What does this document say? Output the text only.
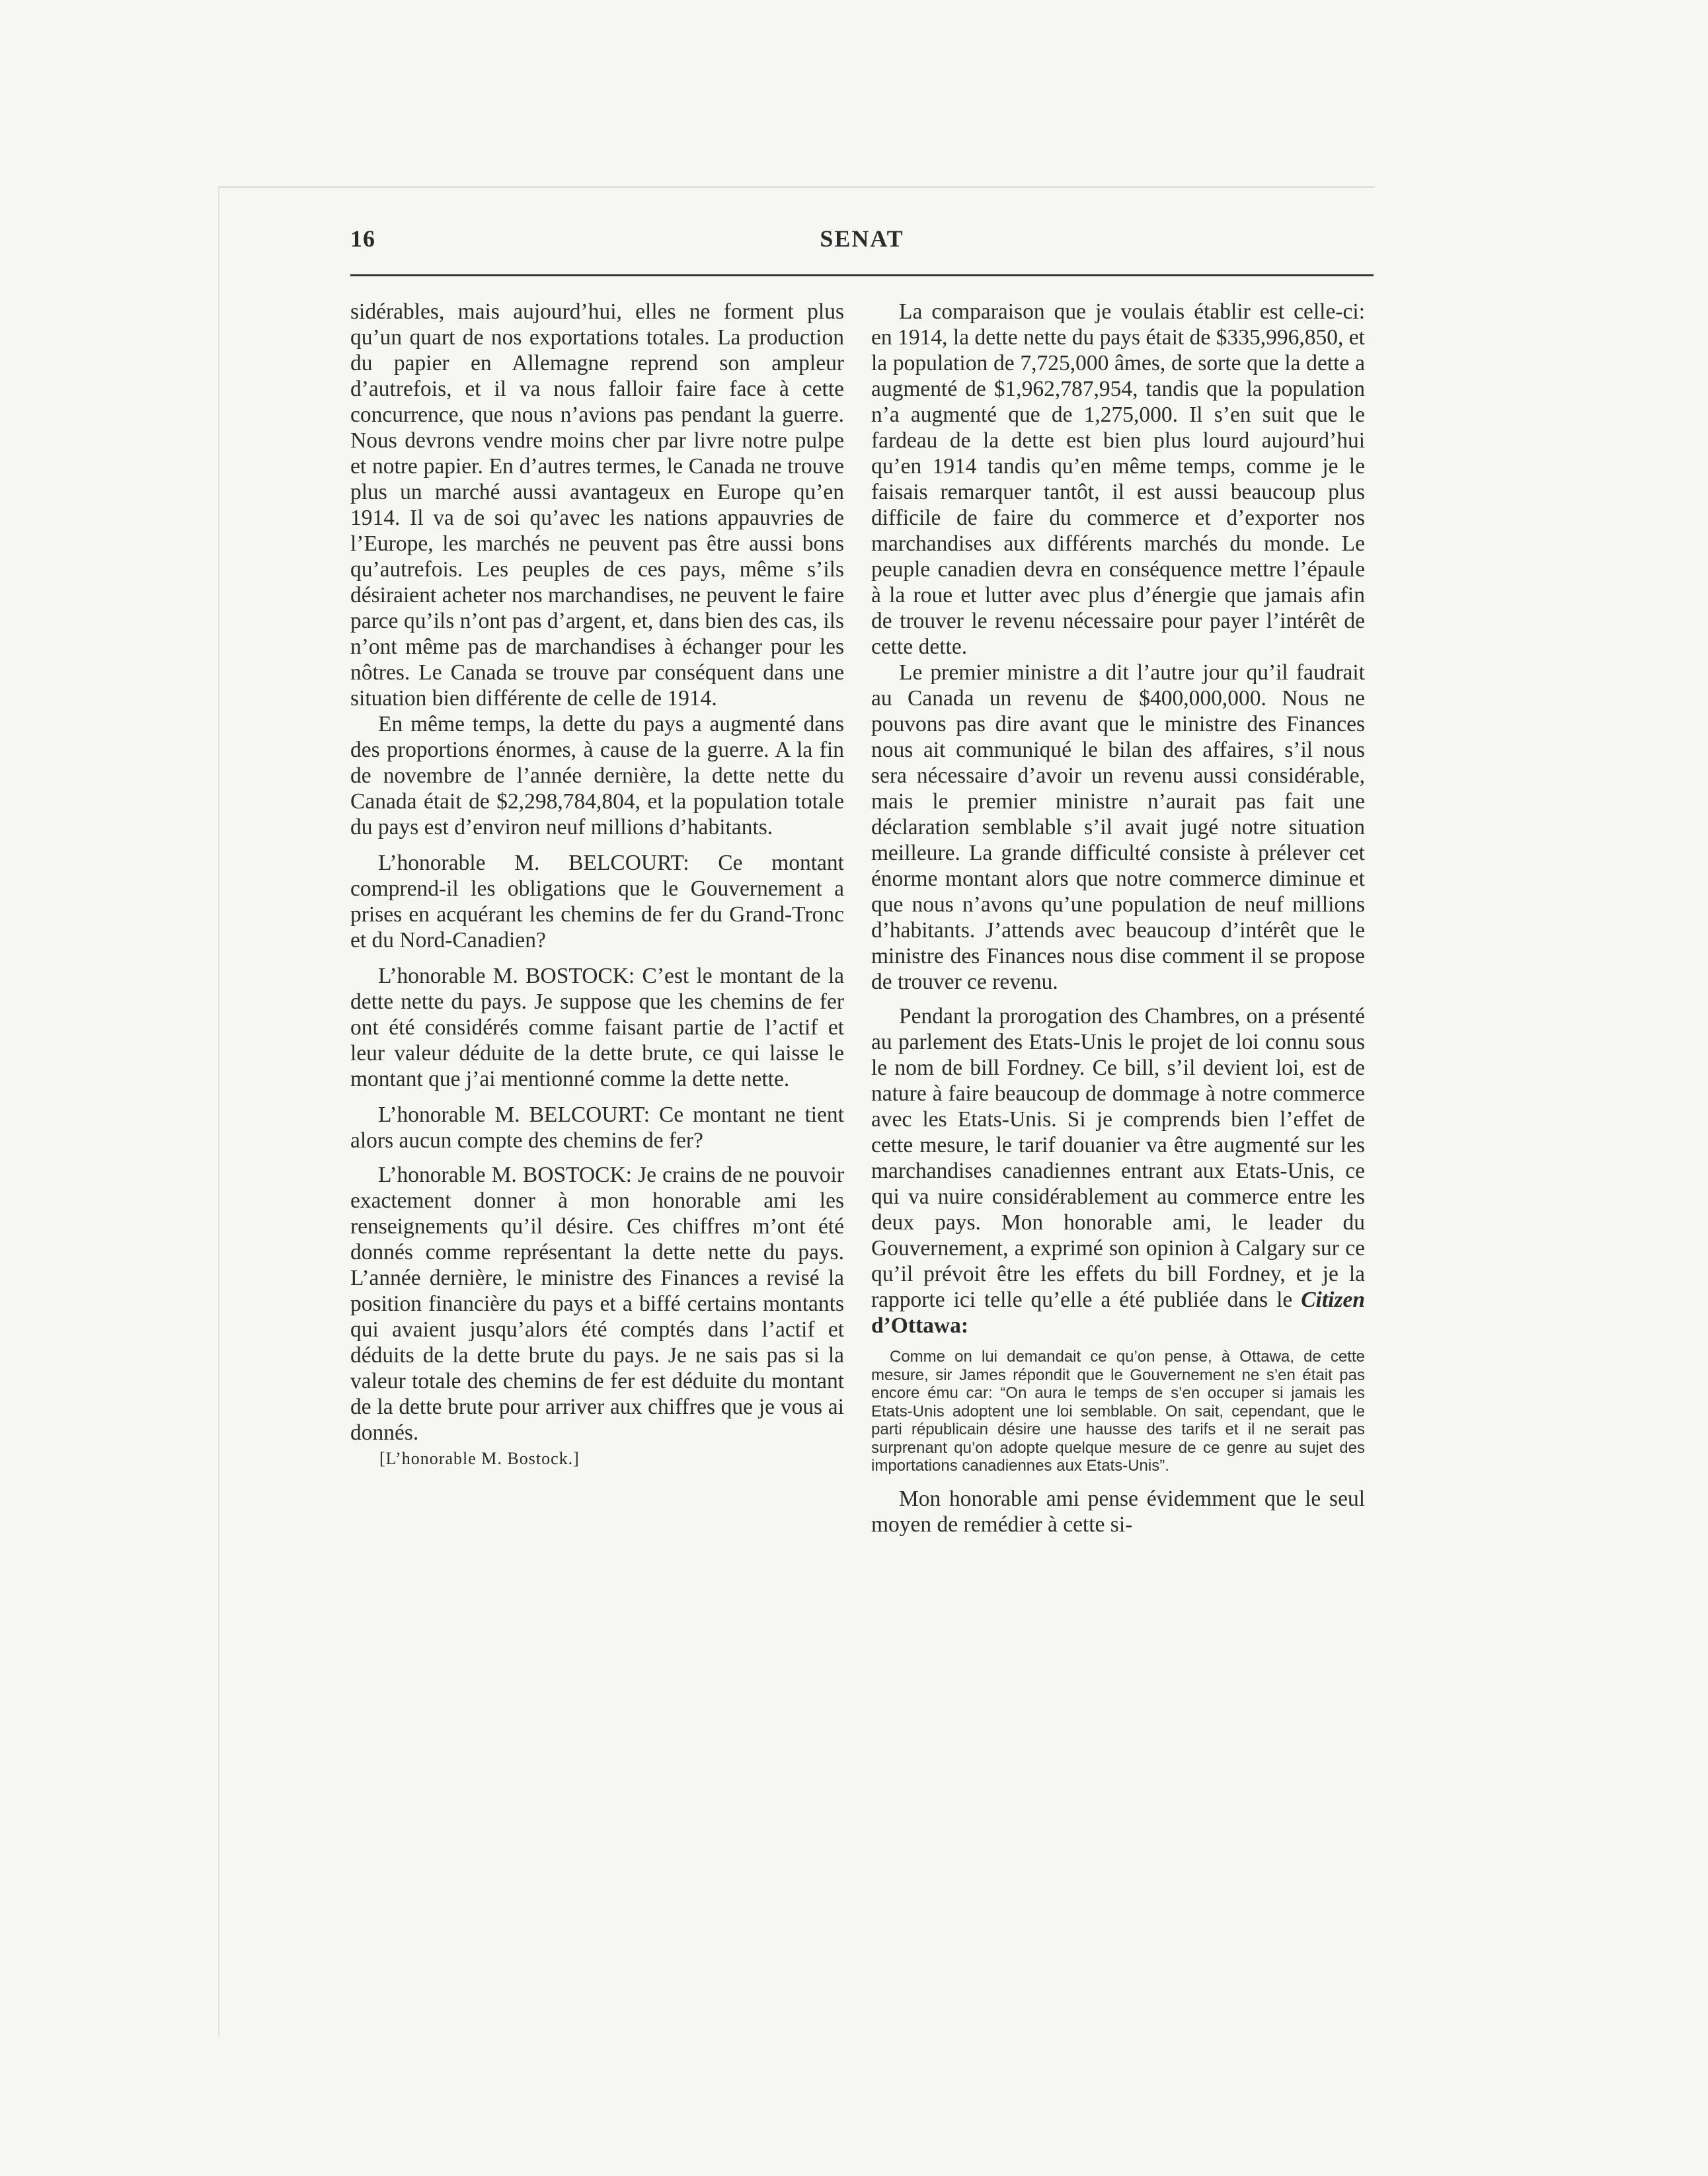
16	SENAT

sidérables, mais aujourd’hui, elles ne forment plus qu’un quart de nos exportations totales. La production du papier en Allemagne reprend son ampleur d’autrefois, et il va nous falloir faire face à cette concurrence, que nous n’avions pas pendant la guerre. Nous devrons vendre moins cher par livre notre pulpe et notre papier. En d’autres termes, le Canada ne trouve plus un marché aussi avantageux en Europe qu’en 1914. Il va de soi qu’avec les nations appauvries de l’Europe, les marchés ne peuvent pas être aussi bons qu’autrefois. Les peuples de ces pays, même s’ils désiraient acheter nos marchandises, ne peuvent le faire parce qu’ils n’ont pas d’argent, et, dans bien des cas, ils n’ont même pas de marchandises à échanger pour les nôtres. Le Canada se trouve par conséquent dans une situation bien différente de celle de 1914.

En même temps, la dette du pays a augmenté dans des proportions énormes, à cause de la guerre. A la fin de novembre de l’année dernière, la dette nette du Canada était de $2,298,784,804, et la population totale du pays est d’environ neuf millions d’habitants.

L’honorable M. BELCOURT: Ce montant comprend-il les obligations que le Gouvernement a prises en acquérant les chemins de fer du Grand-Tronc et du Nord-Canadien?

L’honorable M. BOSTOCK: C’est le montant de la dette nette du pays. Je suppose que les chemins de fer ont été considérés comme faisant partie de l’actif et leur valeur déduite de la dette brute, ce qui laisse le montant que j’ai mentionné comme la dette nette.

L’honorable M. BELCOURT: Ce montant ne tient alors aucun compte des chemins de fer?

L’honorable M. BOSTOCK: Je crains de ne pouvoir exactement donner à mon honorable ami les renseignements qu’il désire. Ces chiffres m’ont été donnés comme représentant la dette nette du pays. L’année dernière, le ministre des Finances a revisé la position financière du pays et a biffé certains montants qui avaient jusqu’alors été comptés dans l’actif et déduits de la dette brute du pays. Je ne sais pas si la valeur totale des chemins de fer est déduite du montant de la dette brute pour arriver aux chiffres que je vous ai donnés.

[L’honorable M. Bostock.]

La comparaison que je voulais établir est celle-ci: en 1914, la dette nette du pays était de $335,996,850, et la population de 7,725,000 âmes, de sorte que la dette a augmenté de $1,962,787,954, tandis que la population n’a augmenté que de 1,275,000. Il s’en suit que le fardeau de la dette est bien plus lourd aujourd’hui qu’en 1914 tandis qu’en même temps, comme je le faisais remarquer tantôt, il est aussi beaucoup plus difficile de faire du commerce et d’exporter nos marchandises aux différents marchés du monde. Le peuple canadien devra en conséquence mettre l’épaule à la roue et lutter avec plus d’énergie que jamais afin de trouver le revenu nécessaire pour payer l’intérêt de cette dette.

Le premier ministre a dit l’autre jour qu’il faudrait au Canada un revenu de $400,000,000. Nous ne pouvons pas dire avant que le ministre des Finances nous ait communiqué le bilan des affaires, s’il nous sera nécessaire d’avoir un revenu aussi considérable, mais le premier ministre n’aurait pas fait une déclaration semblable s’il avait jugé notre situation meilleure. La grande difficulté consiste à prélever cet énorme montant alors que notre commerce diminue et que nous n’avons qu’une population de neuf millions d’habitants. J’attends avec beaucoup d’intérêt que le ministre des Finances nous dise comment il se propose de trouver ce revenu.

Pendant la prorogation des Chambres, on a présenté au parlement des Etats-Unis le projet de loi connu sous le nom de bill Fordney. Ce bill, s’il devient loi, est de nature à faire beaucoup de dommage à notre commerce avec les Etats-Unis. Si je comprends bien l’effet de cette mesure, le tarif douanier va être augmenté sur les marchandises canadiennes entrant aux Etats-Unis, ce qui va nuire considérablement au commerce entre les deux pays. Mon honorable ami, le leader du Gouvernement, a exprimé son opinion à Calgary sur ce qu’il prévoit être les effets du bill Fordney, et je la rapporte ici telle qu’elle a été publiée dans le Citizen d’Ottawa:

Comme on lui demandait ce qu’on pense, à Ottawa, de cette mesure, sir James répondit que le Gouvernement ne s’en était pas encore ému car: “On aura le temps de s’en occuper si jamais les Etats-Unis adoptent une loi semblable. On sait, cependant, que le parti républicain désire une hausse des tarifs et il ne serait pas surprenant qu’on adopte quelque mesure de ce genre au sujet des importations canadiennes aux Etats-Unis”.

Mon honorable ami pense évidemment que le seul moyen de remédier à cette si-
